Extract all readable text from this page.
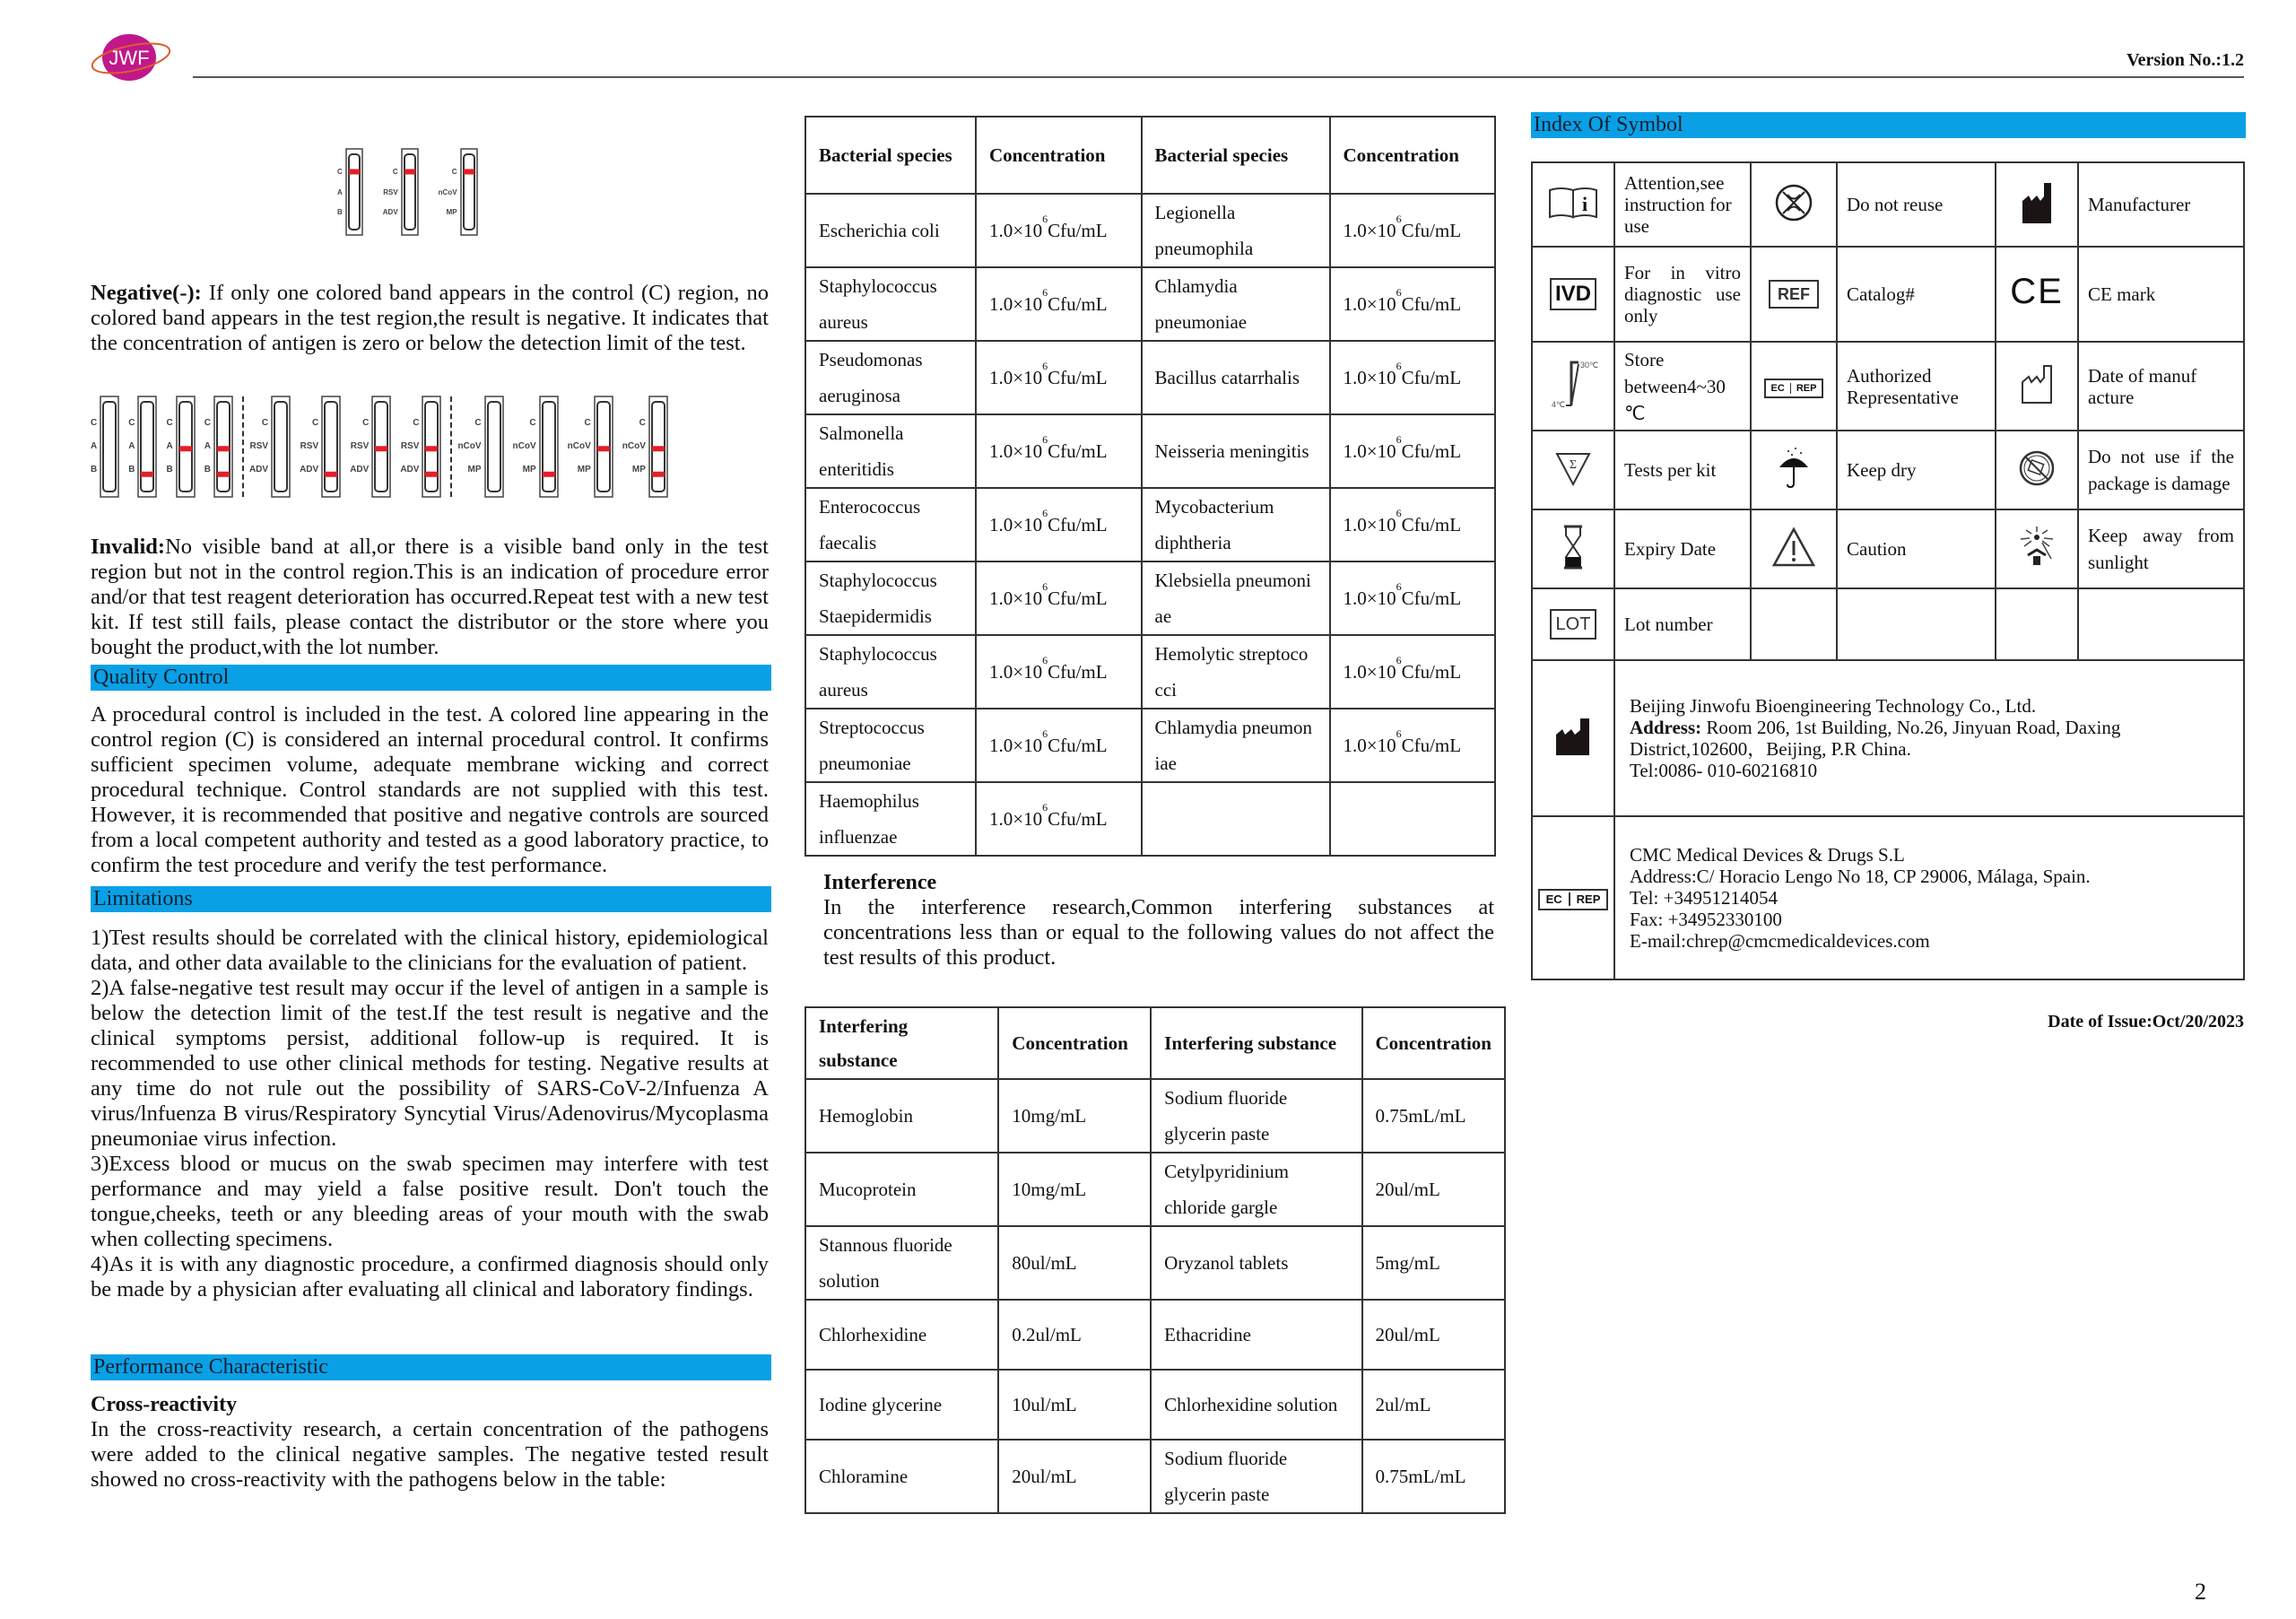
JWF	Version No.:1.2
C
A
B
C
RSV
ADV
C
nCoV
MP

Negative(-): If only one colored band appears in the control (C) region, no colored band appears in the test region,the result is negative. It indicates that the concentration of antigen is zero or below the detection limit of the test.

C
A
B
C
A
B
C
A
B
C
A
B
C
RSV
ADV
C
RSV
ADV
C
RSV
ADV
C
RSV
ADV
C
nCoV
MP
C
nCoV
MP
C
nCoV
MP
C
nCoV
MP

Invalid:No visible band at all,or there is a visible band only in the test region but not in the control region.This is an indication of procedure error and/or that test reagent deterioration has occurred.Repeat test with a new test kit. If test still fails, please contact the distributor or the store where you bought the product,with the lot number.

Quality Control

A procedural control is included in the test. A colored line appearing in the control region (C) is considered an internal procedural control. It confirms sufficient specimen volume, adequate membrane wicking and correct procedural technique. Control standards are not supplied with this test. However, it is recommended that positive and negative controls are sourced from a local competent authority and tested as a good laboratory practice, to confirm the test procedure and verify the test performance.

Limitations

1)Test results should be correlated with the clinical history, epidemiological data, and other data available to the clinicians for the evaluation of patient.

2)A false-negative test result may occur if the level of antigen in a sample is below the detection limit of the test.If the test result is negative and the clinical symptoms persist, additional follow-up is required. It is recommended to use other clinical methods for testing. Negative results at any time do not rule out the possibility of SARS-CoV-2/Infuenza A virus/lnfuenza B virus/Respiratory Syncytial Virus/Adenovirus/Mycoplasma pneumoniae virus infection.

3)Excess blood or mucus on the swab specimen may interfere with test performance and may yield a false positive result. Don't touch the tongue,cheeks, teeth or any bleeding areas of your mouth with the swab when collecting specimens.

4)As it is with any diagnostic procedure, a confirmed diagnosis should only be made by a physician after evaluating all clinical and laboratory findings.

Performance Characteristic
Cross-reactivity

In the cross-reactivity research, a certain concentration of the pathogens were added to the clinical negative samples. The negative tested result showed no cross-reactivity with the pathogens below in the table:

Bacterial species	Concentration	Bacterial species	Concentration
Escherichia coli	$1.0\times 10^6Cfu/mL$	Legionella pneumophila	$1.0\times 10^6Cfu/mL$
Staphylococcus aureus	$1.0\times 10^6Cfu/mL$	Chlamydia pneumoniae	$1.0\times 10^6Cfu/mL$
Pseudomonas aeruginosa	$1.0\times 10^6Cfu/mL$	Bacillus catarrhalis	$1.0\times 10^6Cfu/mL$
Salmonella enteritidis	$1.0\times 10^6Cfu/mL$	Neisseria meningitis	$1.0\times 10^6Cfu/mL$
Enterococcus faecalis	$1.0\times 10^6Cfu/mL$	Mycobacterium diphtheria	$1.0\times 10^6Cfu/mL$
Staphylococcus Staepidermidis	$1.0\times 10^6Cfu/mL$	Klebsiella pneumoni ae	$1.0\times 10^6Cfu/mL$
Staphylococcus aureus	$1.0\times 10^6Cfu/mL$	Hemolytic streptoco cci	$1.0\times 10^6Cfu/mL$
Streptococcus pneumoniae	$1.0\times 10^6Cfu/mL$	Chlamydia pneumon iae	$1.0\times 10^6Cfu/mL$
Haemophilus influenzae	$1.0\times 10^6Cfu/mL$		
Interference

In the interference research,Common interfering substances at concentrations less than or equal to the following values do not affect the test results of this product.

Interfering substance	Concentration	Interfering substance	Concentration
Hemoglobin	10mg/mL	Sodium fluoride glycerin paste	0.75mL/mL
Mucoprotein	10mg/mL	Cetylpyridinium chloride gargle	20ul/mL
Stannous fluoride solution	80ul/mL	Oryzanol tablets	5mg/mL
Chlorhexidine	0.2ul/mL	Ethacridine	20ul/mL
Iodine glycerine	10ul/mL	Chlorhexidine solution	2ul/mL
Chloramine	20ul/mL	Sodium fluoride glycerin paste	0.75mL/mL
Index Of Symbol
i	Attention,see instruction for use		Do not reuse		Manufacturer
IVD	For in vitro diagnostic use only	REF	Catalog#	CE	CE mark

30℃
4℃	Store between4~30 ℃	EC REP	Authorized Representative		Date of manuf acture

Σ	Tests per kit		Keep dry		Do not use if the package is damage
	Expiry Date		Caution		Keep away from sunlight
LOT	Lot number				

Beijing Jinwofu Bioengineering Technology Co., Ltd.
Address: Room 206, 1st Building, No.26, Jinyuan Road, Daxing District,102600，Beijing, P.R China.
Tel:0086- 010-60216810				

EC REP	CMC Medical Devices & Drugs S.L
Address:C/ Horacio Lengo No 18, CP 29006, Málaga, Spain.
Tel: +34951214054
Fax: +34952330100
E-mail:chrep@cmcmedicaldevices.com				
Date of Issue:Oct/20/2023
2
